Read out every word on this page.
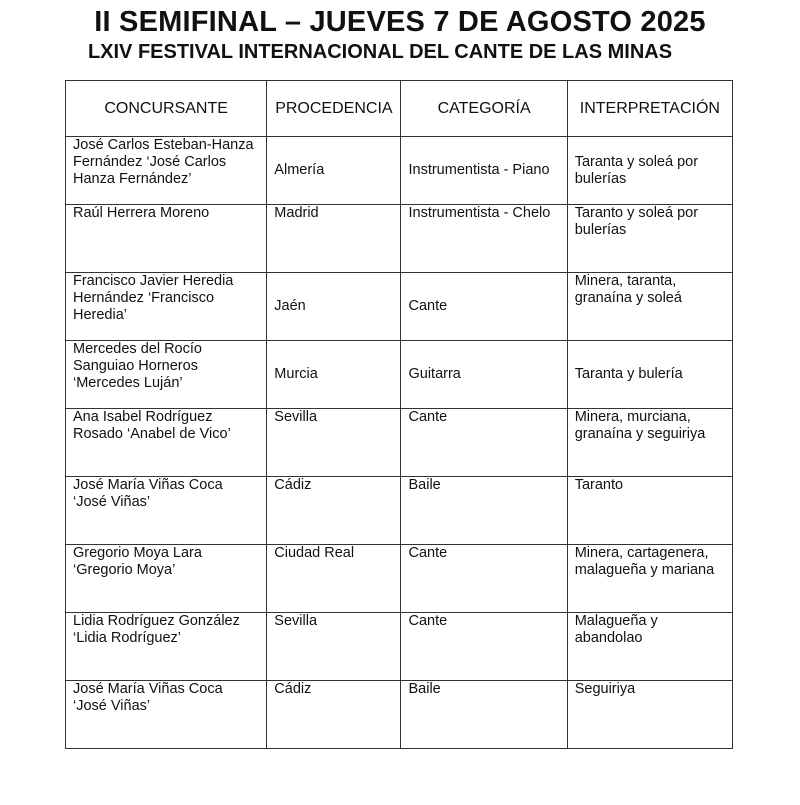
II SEMIFINAL – JUEVES 7 DE AGOSTO 2025
LXIV FESTIVAL INTERNACIONAL DEL CANTE DE LAS MINAS
CONCURSANTE	PROCEDENCIA	CATEGORÍA	INTERPRETACIÓN
José Carlos Esteban-Hanza Fernández ‘José Carlos Hanza Fernández’	Almería	Instrumentista - Piano	Taranta y soleá por bulerías
Raúl Herrera Moreno	Madrid	Instrumentista - Chelo	Taranto y soleá por bulerías
Francisco Javier Heredia Hernández ‘Francisco Heredia’	Jaén	Cante	Minera, taranta, granaína y soleá
Mercedes del Rocío Sanguiao Horneros ‘Mercedes Luján’	Murcia	Guitarra	Taranta y bulería
Ana Isabel Rodríguez Rosado ‘Anabel de Vico’	Sevilla	Cante	Minera, murciana, granaína y seguiriya
José María Viñas Coca ‘José Viñas’	Cádiz	Baile	Taranto
Gregorio Moya Lara ‘Gregorio Moya’	Ciudad Real	Cante	Minera, cartagenera, malagueña y mariana
Lidia Rodríguez González ‘Lidia Rodríguez’	Sevilla	Cante	Malagueña y abandolao
José María Viñas Coca ‘José Viñas’	Cádiz	Baile	Seguiriya
